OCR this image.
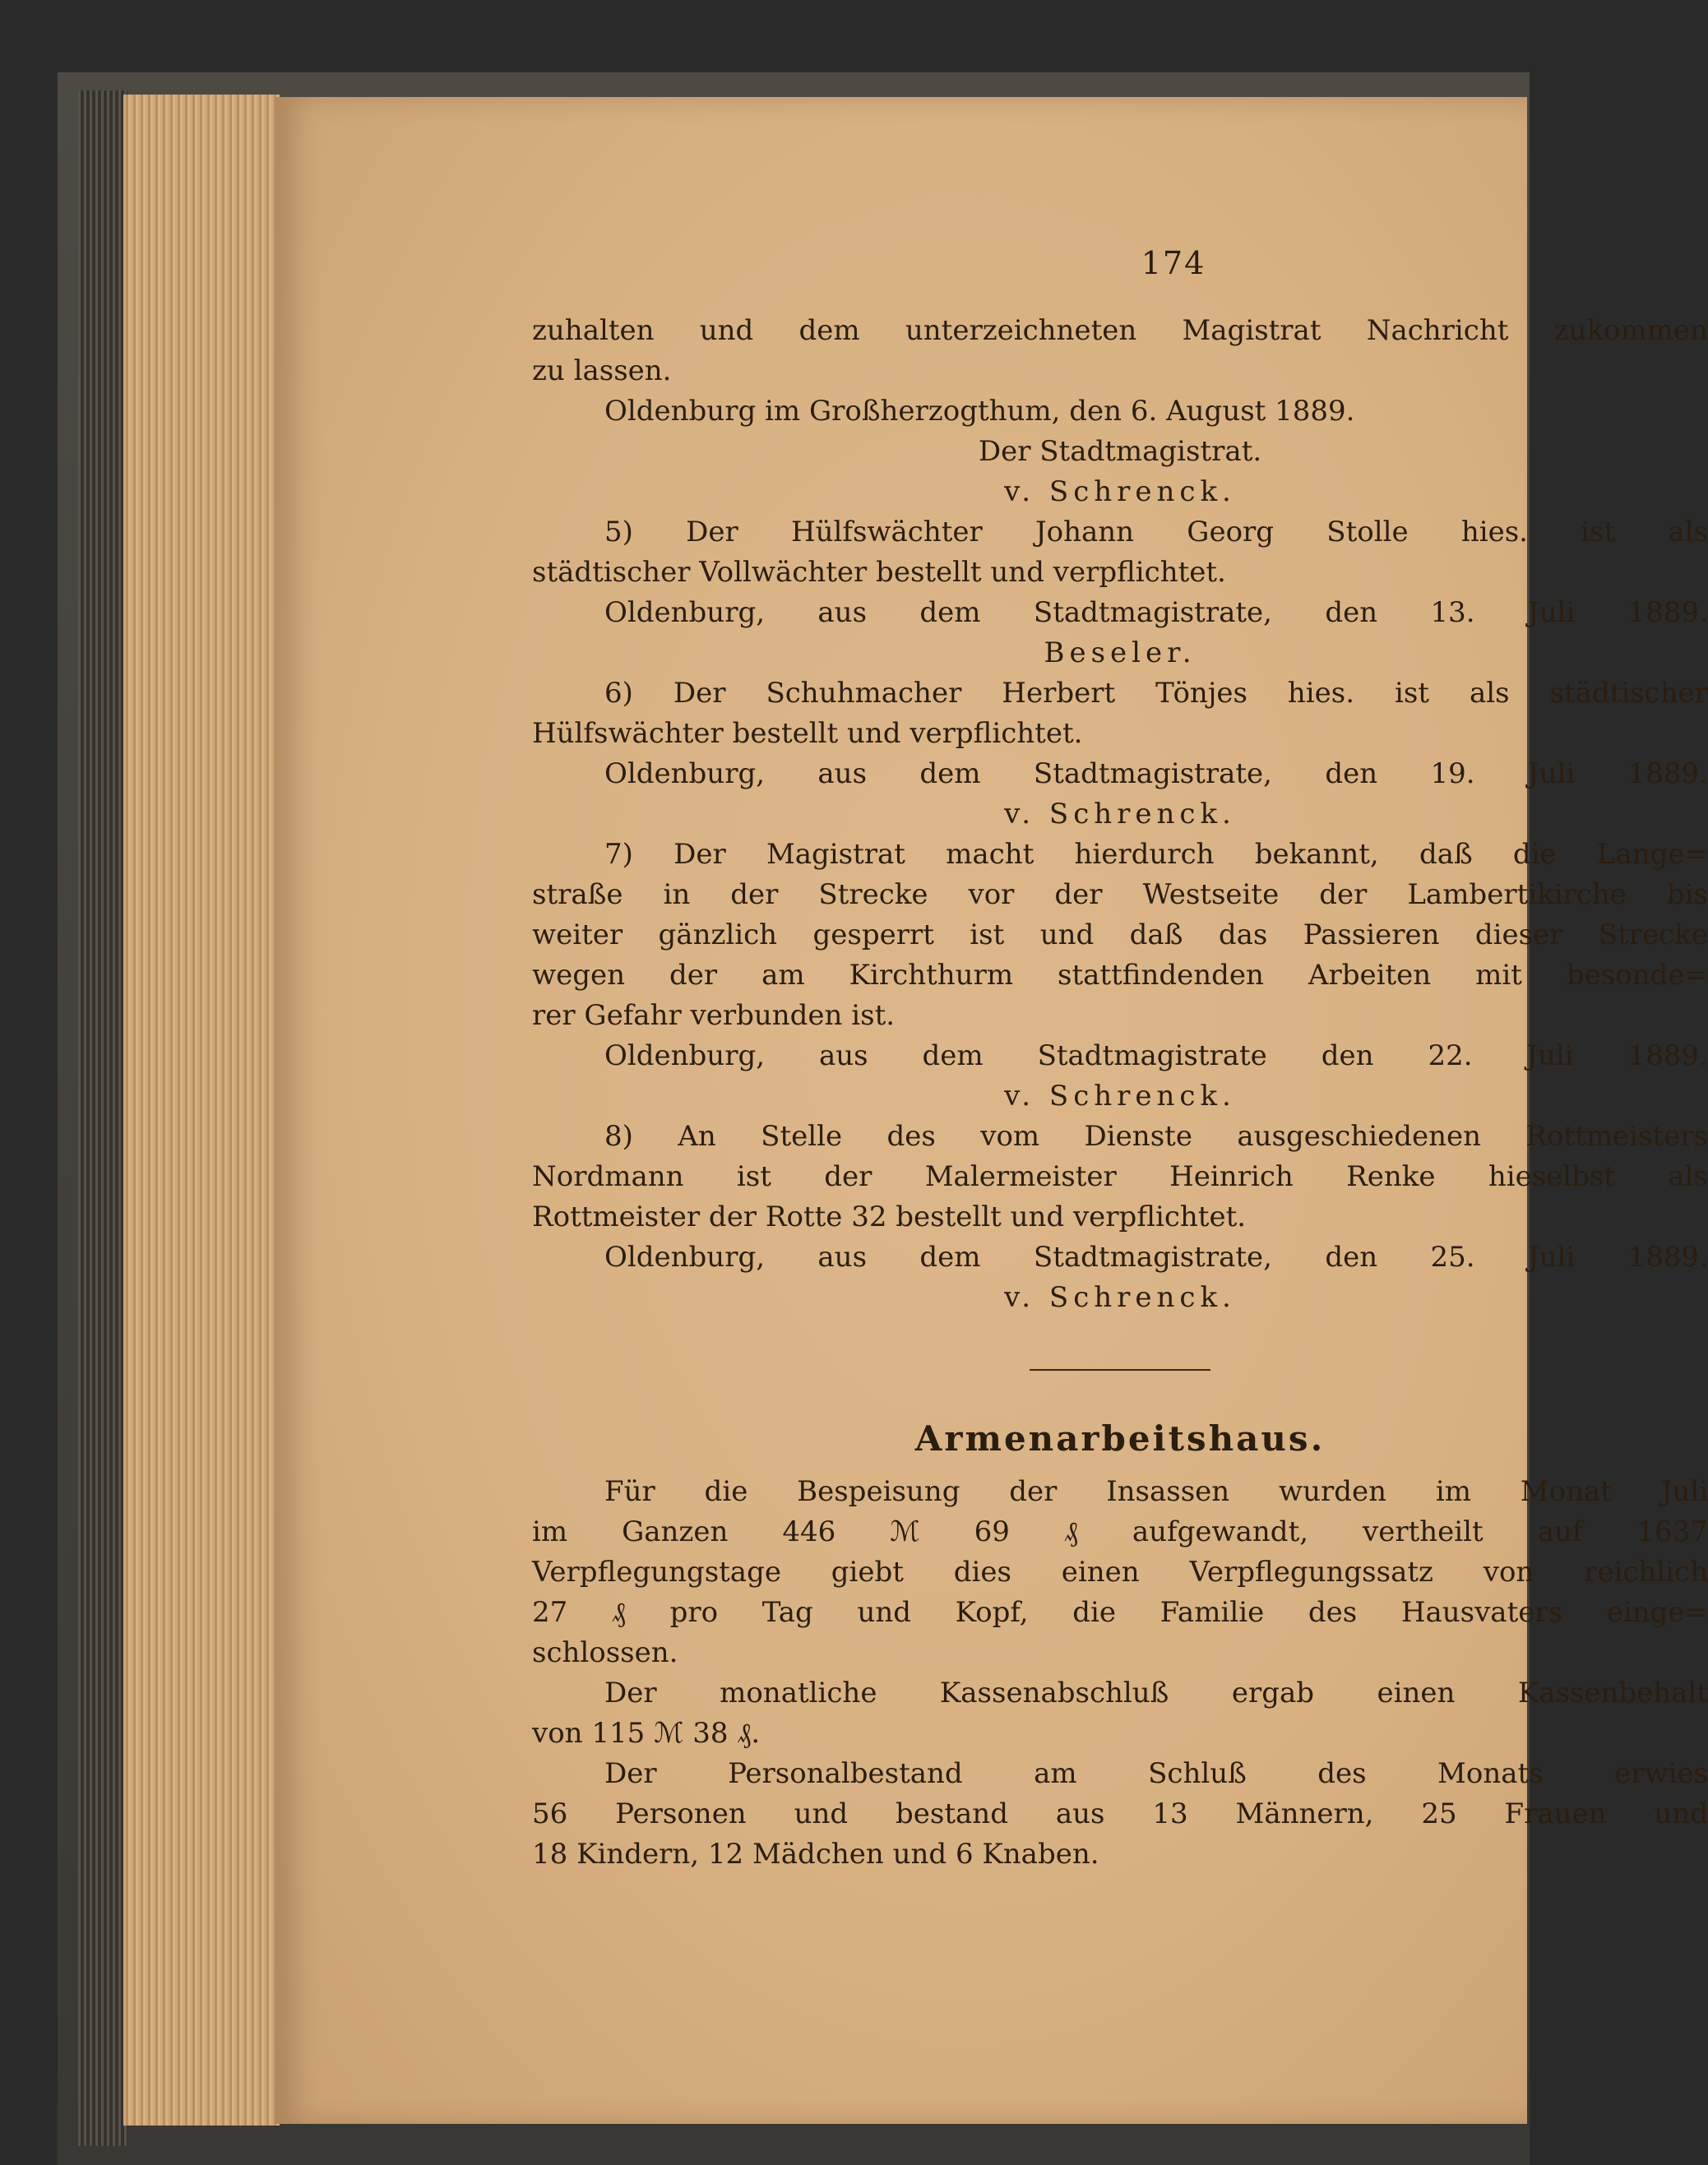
174
zuhalten und dem unterzeichneten Magistrat Nachricht zukommen
zu lassen.
Oldenburg im Großherzogthum, den 6. August 1889.
Der Stadtmagistrat.
v. Schrenck.
5) Der Hülfswächter Johann Georg Stolle hies. ist als
städtischer Vollwächter bestellt und verpflichtet.
Oldenburg, aus dem Stadtmagistrate, den 13. Juli 1889.
Beseler.
6) Der Schuhmacher Herbert Tönjes hies. ist als städtischer
Hülfswächter bestellt und verpflichtet.
Oldenburg, aus dem Stadtmagistrate, den 19. Juli 1889.
v. Schrenck.
7) Der Magistrat macht hierdurch bekannt, daß die Lange=
straße in der Strecke vor der Westseite der Lambertikirche bis
weiter gänzlich gesperrt ist und daß das Passieren dieser Strecke
wegen der am Kirchthurm stattfindenden Arbeiten mit besonde=
rer Gefahr verbunden ist.
Oldenburg, aus dem Stadtmagistrate den 22. Juli 1889.
v. Schrenck.
8) An Stelle des vom Dienste ausgeschiedenen Rottmeisters
Nordmann ist der Malermeister Heinrich Renke hieselbst als
Rottmeister der Rotte 32 bestellt und verpflichtet.
Oldenburg, aus dem Stadtmagistrate, den 25. Juli 1889.
v. Schrenck.
Armenarbeitshaus.
Für die Bespeisung der Insassen wurden im Monat Juli
im Ganzen 446 ℳ 69 ₰ aufgewandt, vertheilt auf 1637
Verpflegungstage giebt dies einen Verpflegungssatz von reichlich
27 ₰ pro Tag und Kopf, die Familie des Hausvaters einge=
schlossen.
Der monatliche Kassenabschluß ergab einen Kassenbehalt
von 115 ℳ 38 ₰.
Der Personalbestand am Schluß des Monats erwies
56 Personen und bestand aus 13 Männern, 25 Frauen und
18 Kindern, 12 Mädchen und 6 Knaben.
